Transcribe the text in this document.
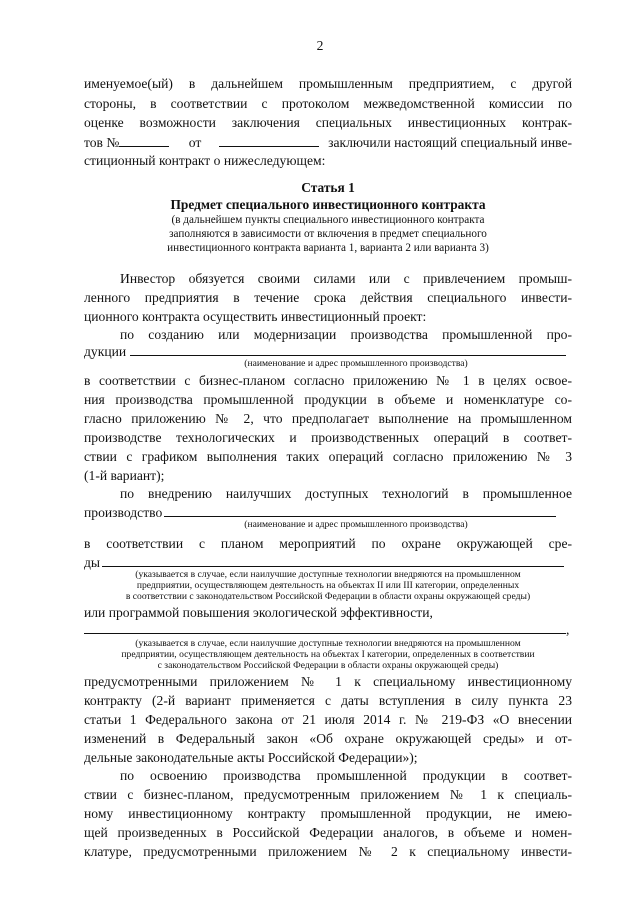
2
именуемое(ый) в дальнейшем промышленным предприятием, с другой
стороны, в соответствии с протоколом межведомственной комиссии по
оценке возможности заключения специальных инвестиционных контрак-
тов №	от	заключили настоящий специальный инве-
стиционный контракт о нижеследующем:
Статья 1
Предмет специального инвестиционного контракта
(в дальнейшем пункты специального инвестиционного контракта
заполняются в зависимости от включения в предмет специального
инвестиционного контракта варианта 1, варианта 2 или варианта 3)
Инвестор обязуется своими силами или с привлечением промыш-
ленного предприятия в течение срока действия специального инвести-
ционного контракта осуществить инвестиционный проект:
по созданию или модернизации производства промышленной про-
дукции
(наименование и адрес промышленного производства)
в соответствии с бизнес-планом согласно приложению № 1 в целях освое-
ния производства промышленной продукции в объеме и номенклатуре со-
гласно приложению № 2, что предполагает выполнение на промышленном
производстве технологических и производственных операций в соответ-
ствии с графиком выполнения таких операций согласно приложению № 3
(1-й вариант);
по внедрению наилучших доступных технологий в промышленное
производство
(наименование и адрес промышленного производства)
в соответствии с планом мероприятий по охране окружающей сре-
ды
(указывается в случае, если наилучшие доступные технологии внедряются на промышленном
предприятии, осуществляющем деятельность на объектах II или III категории, определенных
в соответствии с законодательством Российской Федерации в области охраны окружающей среды)
или программой повышения экологической эффективности,
,
(указывается в случае, если наилучшие доступные технологии внедряются на промышленном
предприятии, осуществляющем деятельность на объектах I категории, определенных в соответствии
с законодательством Российской Федерации в области охраны окружающей среды)
предусмотренными приложением № 1 к специальному инвестиционному
контракту (2-й вариант применяется с даты вступления в силу пункта 23
статьи 1 Федерального закона от 21 июля 2014 г. № 219-ФЗ «О внесении
изменений в Федеральный закон «Об охране окружающей среды» и от-
дельные законодательные акты Российской Федерации»);
по освоению производства промышленной продукции в соответ-
ствии с бизнес-планом, предусмотренным приложением № 1 к специаль-
ному инвестиционному контракту промышленной продукции, не имею-
щей произведенных в Российской Федерации аналогов, в объеме и номен-
клатуре, предусмотренными приложением № 2 к специальному инвести-
